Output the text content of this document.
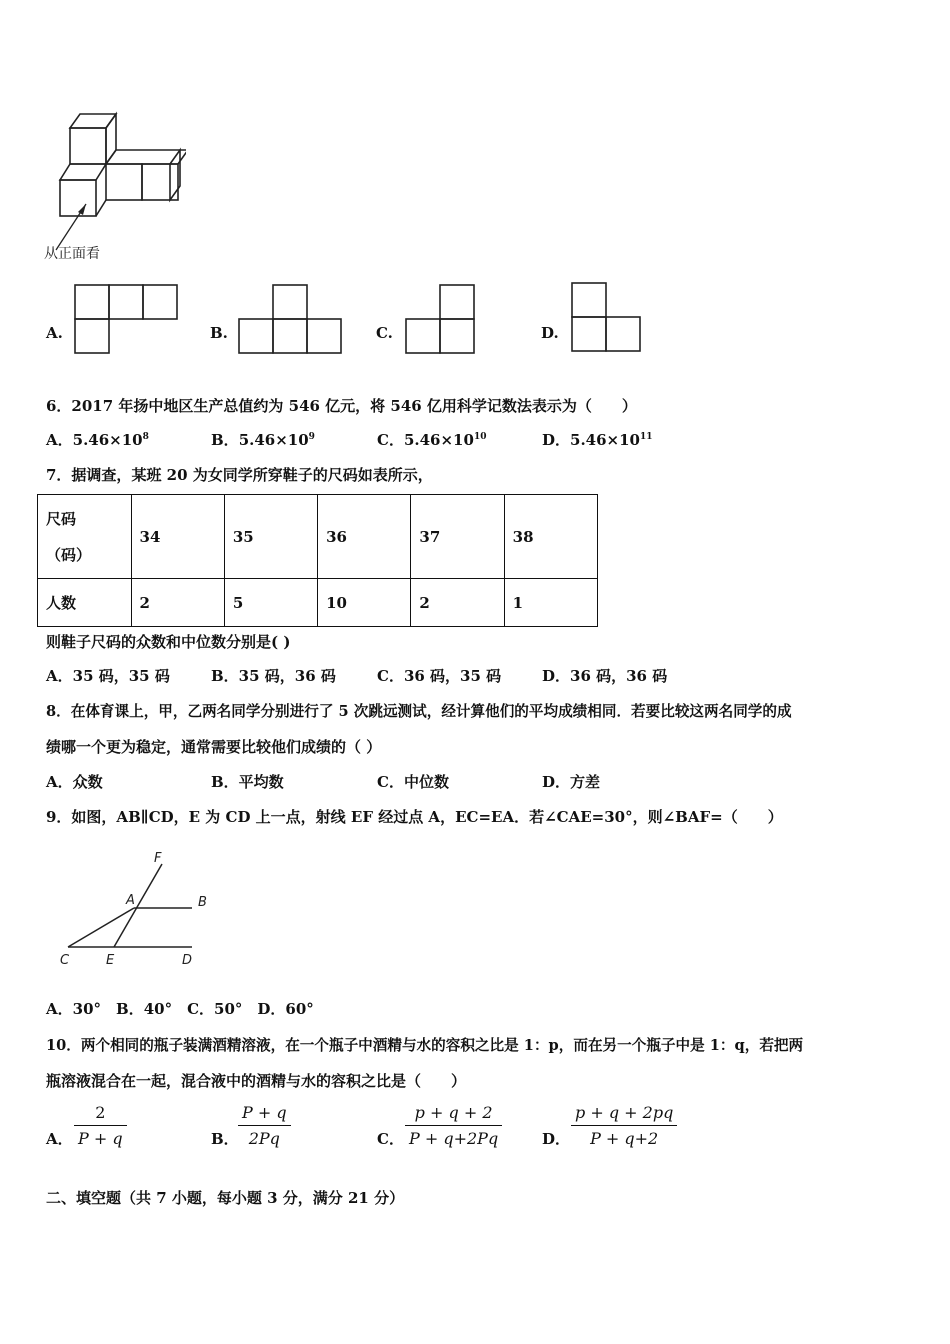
从正面看
A.	B.	C.	D.
6．2017 年扬中地区生产总值约为 546 亿元，将 546 亿用科学记数法表示为（　　）
A．$5.46\times 10^8$	B．$5.46\times 10^9$	C．$5.46\times 10^{10}$	D．$5.46\times 10^{11}$
7．据调查，某班 20 为女同学所穿鞋子的尺码如表所示，
尺码
（码）	34	35	36	37	38
人数	2	5	10	2	1
则鞋子尺码的众数和中位数分别是( )
A．35 码，35 码	B．35 码，36 码	C．36 码，35 码	D．36 码，36 码
8．在体育课上，甲，乙两名同学分别进行了 5 次跳远测试，经计算他们的平均成绩相同．若要比较这两名同学的成
绩哪一个更为稳定，通常需要比较他们成绩的（ ）
A．众数	B．平均数	C．中位数	D．方差
9．如图，AB∥CD，E 为 CD 上一点，射线 EF 经过点 A，EC=EA．若∠CAE=30°，则∠BAF=（　　）
F
A	B
C	E	D
A．30°　B．40°　C．50°　D．60°
10．两个相同的瓶子装满酒精溶液，在一个瓶子中酒精与水的容积之比是 1：p，而在另一个瓶子中是 1：q，若把两
瓶溶液混合在一起，混合液中的酒精与水的容积之比是（　　）
A． $\frac{2}{P + q}$	B． $\frac{P + q}{2Pq}$	C． $\frac{p + q + 2}{P + q+2Pq}$	D． $\frac{p + q + 2pq}{P + q+2}$
二、填空题（共 7 小题，每小题 3 分，满分 21 分）
